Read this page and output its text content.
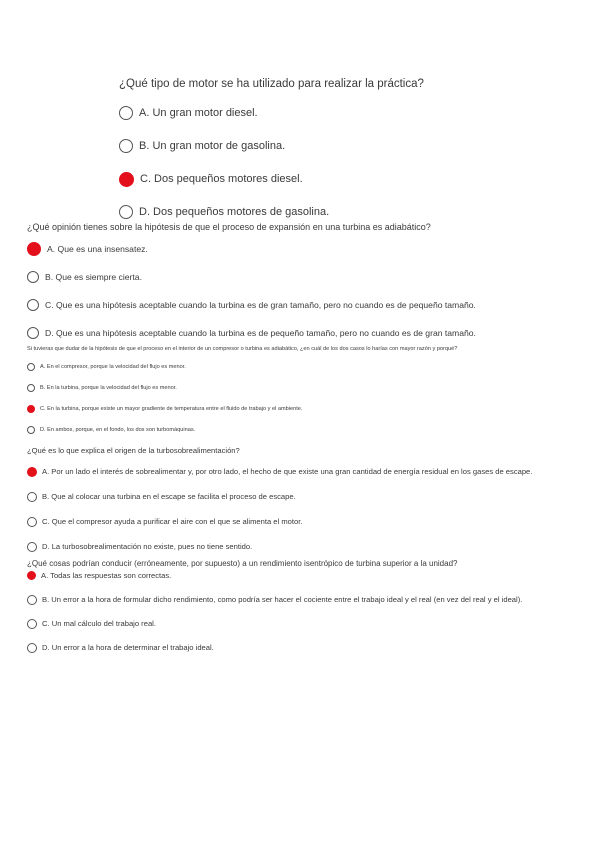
¿Qué tipo de motor se ha utilizado para realizar la práctica?
A. Un gran motor diesel.
B. Un gran motor de gasolina.
C. Dos pequeños motores diesel.
D. Dos pequeños motores de gasolina.
¿Qué opinión tienes sobre la hipótesis de que el proceso de expansión en una turbina es adiabático?
A. Que es una insensatez.
B. Que es siempre cierta.
C. Que es una hipótesis aceptable cuando la turbina es de gran tamaño, pero no cuando es de pequeño tamaño.
D. Que es una hipótesis aceptable cuando la turbina es de pequeño tamaño, pero no cuando es de gran tamaño.
Si tuvieras que dudar de la hipótesis de que el proceso en el interior de un compresor o turbina es adiabático, ¿en cuál de los dos casos lo harías con mayor razón y porqué?
A. En el compresor, porque la velocidad del flujo es menor.
B. En la turbina, porque la velocidad del flujo es menor.
C. En la turbina, porque existe un mayor gradiente de temperatura entre el fluido de trabajo y el ambiente.
D. En ambos, porque, en el fondo, los dos son turbomáquinas.
¿Qué es lo que explica el origen de la turbosobrealimentación?
A. Por un lado el interés de sobrealimentar y, por otro lado, el hecho de que existe una gran cantidad de energía residual en los gases de escape.
B. Que al colocar una turbina en el escape se facilita el proceso de escape.
C. Que el compresor ayuda a purificar el aire con el que se alimenta el motor.
D. La turbosobrealimentación no existe, pues no tiene sentido.
¿Qué cosas podrían conducir (erróneamente, por supuesto) a un rendimiento isentrópico de turbina superior a la unidad?
A. Todas las respuestas son correctas.
B. Un error a la hora de formular dicho rendimiento, como podría ser hacer el cociente entre el trabajo ideal y el real (en vez del real y el ideal).
C. Un mal cálculo del trabajo real.
D. Un error a la hora de determinar el trabajo ideal.
